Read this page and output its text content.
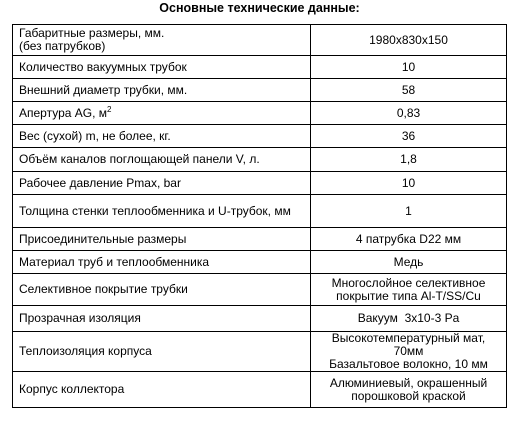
Основные технические данные:
Габаритные размеры, мм.
(без патрубков)	1980x830x150
Количество вакуумных трубок	10
Внешний диаметр трубки, мм.	58
Апертура AG, $м^2$	0,83
Вес (сухой) m, не более, кг.	36
Объём каналов поглощающей панели V, л.	1,8
Рабочее давление Pmax, bar	10
Толщина стенки теплообменника и U-трубок, мм	1
Присоединительные размеры	4 патрубка D22 мм
Материал труб и теплообменника	Медь
Селективное покрытие трубки	Многослойное селективное
покрытие типа Al-T/SS/Cu

Прозрачная изоляция	Вакуум  3x10-3 Pa
Теплоизоляция корпуса	Высокотемпературный мат, 70мм
Базальтовое волокно, 10 мм

Корпус коллектора	Алюминиевый, окрашенный
порошковой краской
